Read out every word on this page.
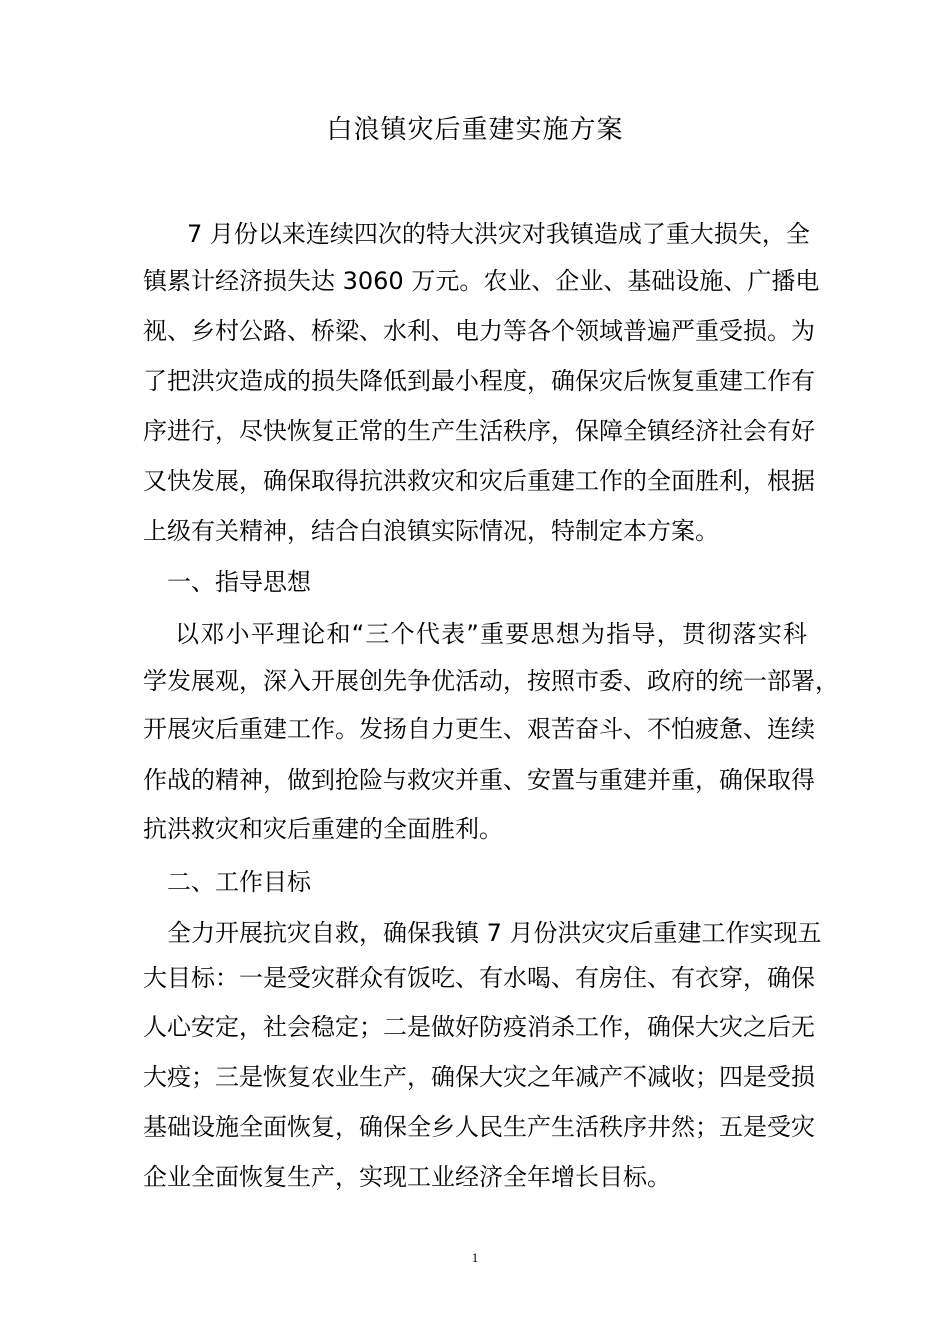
白浪镇灾后重建实施方案
7 月份以来连续四次的特大洪灾对我镇造成了重大损失，全
镇累计经济损失达 3060 万元。农业、企业、基础设施、广播电
视、乡村公路、桥梁、水利、电力等各个领域普遍严重受损。为
了把洪灾造成的损失降低到最小程度，确保灾后恢复重建工作有
序进行，尽快恢复正常的生产生活秩序，保障全镇经济社会有好
又快发展，确保取得抗洪救灾和灾后重建工作的全面胜利，根据
上级有关精神，结合白浪镇实际情况，特制定本方案。
一、指导思想
以邓小平理论和“三个代表”重要思想为指导，贯彻落实科
学发展观，深入开展创先争优活动，按照市委、政府的统一部署，
开展灾后重建工作。发扬自力更生、艰苦奋斗、不怕疲惫、连续
作战的精神，做到抢险与救灾并重、安置与重建并重，确保取得
抗洪救灾和灾后重建的全面胜利。
二、工作目标
全力开展抗灾自救，确保我镇 7 月份洪灾灾后重建工作实现五
大目标：一是受灾群众有饭吃、有水喝、有房住、有衣穿，确保
人心安定，社会稳定；二是做好防疫消杀工作，确保大灾之后无
大疫；三是恢复农业生产，确保大灾之年减产不减收；四是受损
基础设施全面恢复，确保全乡人民生产生活秩序井然；五是受灾
企业全面恢复生产，实现工业经济全年增长目标。
1
